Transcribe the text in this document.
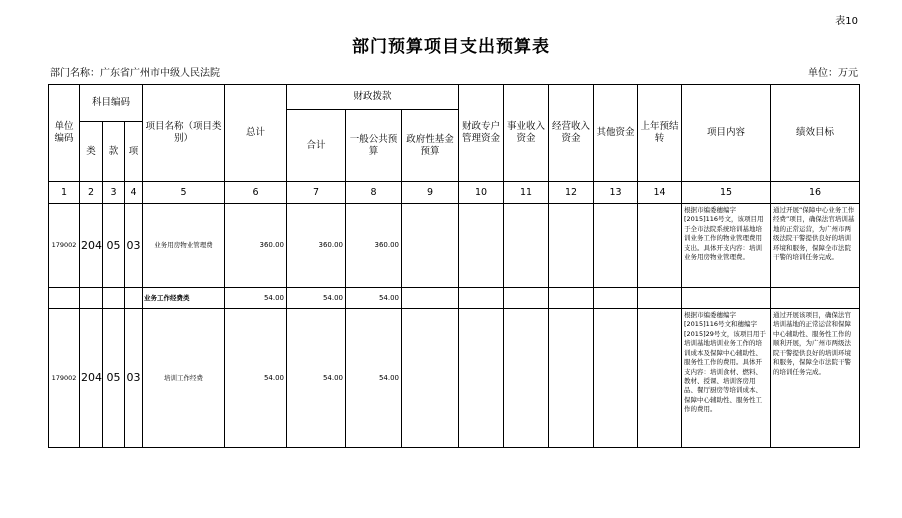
表10
部门预算项目支出预算表
部门名称：广东省广州市中级人民法院	单位：万元
单位编码	科目编码			项目名称（项目类别）	总计	财政拨款			财政专户管理资金	事业收入资金	经营收入资金	其他资金	上年预结转	项目内容	绩效目标
						合计	一般公共预算	政府性基金预算							
	类	款	项												
1	2	3	4	5	6	7	8	9	10	11	12	13	14	15	16
179002	204	05	03	业务用房物业管理费	360.00	360.00	360.00							根据市编委穗编字[2015]116号文，该项目用于全市法院系统培训基地培训业务工作的物业管理费用支出。具体开支内容：培训业务用房物业管理费。	通过开展“保障中心业务工作经费”项目，确保法官培训基地的正常运营，为广州市两级法院干警提供良好的培训环境和服务，保障全市法院干警的培训任务完成。
				业务工作经费类	54.00	54.00	54.00								
179002	204	05	03	培训工作经费	54.00	54.00	54.00							根据市编委穗编字[2015]116号文和穗编字[2015]29号文，该项目用于培训基地培训业务工作的培训成本及保障中心辅助性、服务性工作的费用。具体开支内容：培训食材、燃料、教材、授课、培训客房用品、餐厅厨房等培训成本、保障中心辅助性、服务性工作的费用。	通过开展该项目，确保法官培训基地的正常运营和保障中心辅助性、服务性工作的顺利开展，为广州市两级法院干警提供良好的培训环境和服务，保障全市法院干警的培训任务完成。
